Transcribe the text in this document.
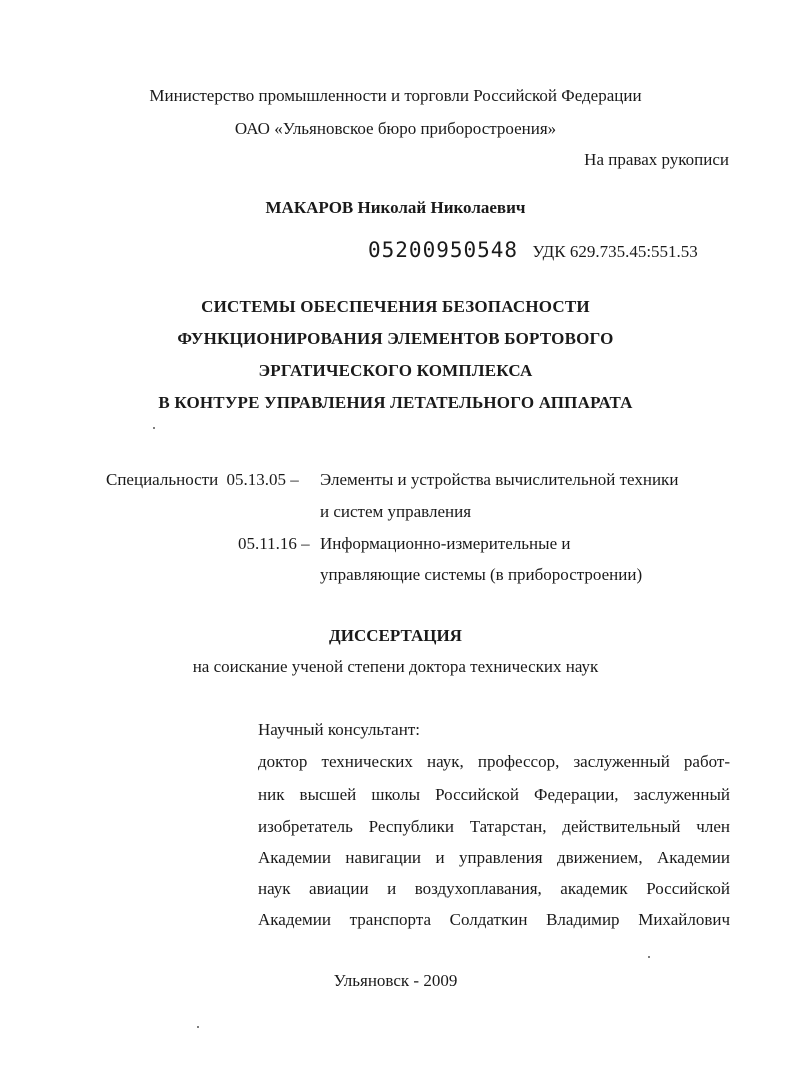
Министерство промышленности и торговли Российской Федерации
ОАО «Ульяновское бюро приборостроения»
На правах рукописи
МАКАРОВ Николай Николаевич
05200950548 УДК 629.735.45:551.53
СИСТЕМЫ ОБЕСПЕЧЕНИЯ БЕЗОПАСНОСТИ
ФУНКЦИОНИРОВАНИЯ ЭЛЕМЕНТОВ БОРТОВОГО
ЭРГАТИЧЕСКОГО КОМПЛЕКСА
В КОНТУРЕ УПРАВЛЕНИЯ ЛЕТАТЕЛЬНОГО АППАРАТА
Специальности 05.13.05 – Элементы и устройства вычислительной техники
и систем управления
05.11.16 – Информационно-измерительные и
управляющие системы (в приборостроении)
ДИССЕРТАЦИЯ
на соискание ученой степени доктора технических наук
Научный консультант:
доктор технических наук, профессор, заслуженный работ-
ник высшей школы Российской Федерации, заслуженный
изобретатель Республики Татарстан, действительный член
Академии навигации и управления движением, Академии
наук авиации и воздухоплавания, академик Российской
Академии транспорта Солдаткин Владимир Михайлович
Ульяновск - 2009
